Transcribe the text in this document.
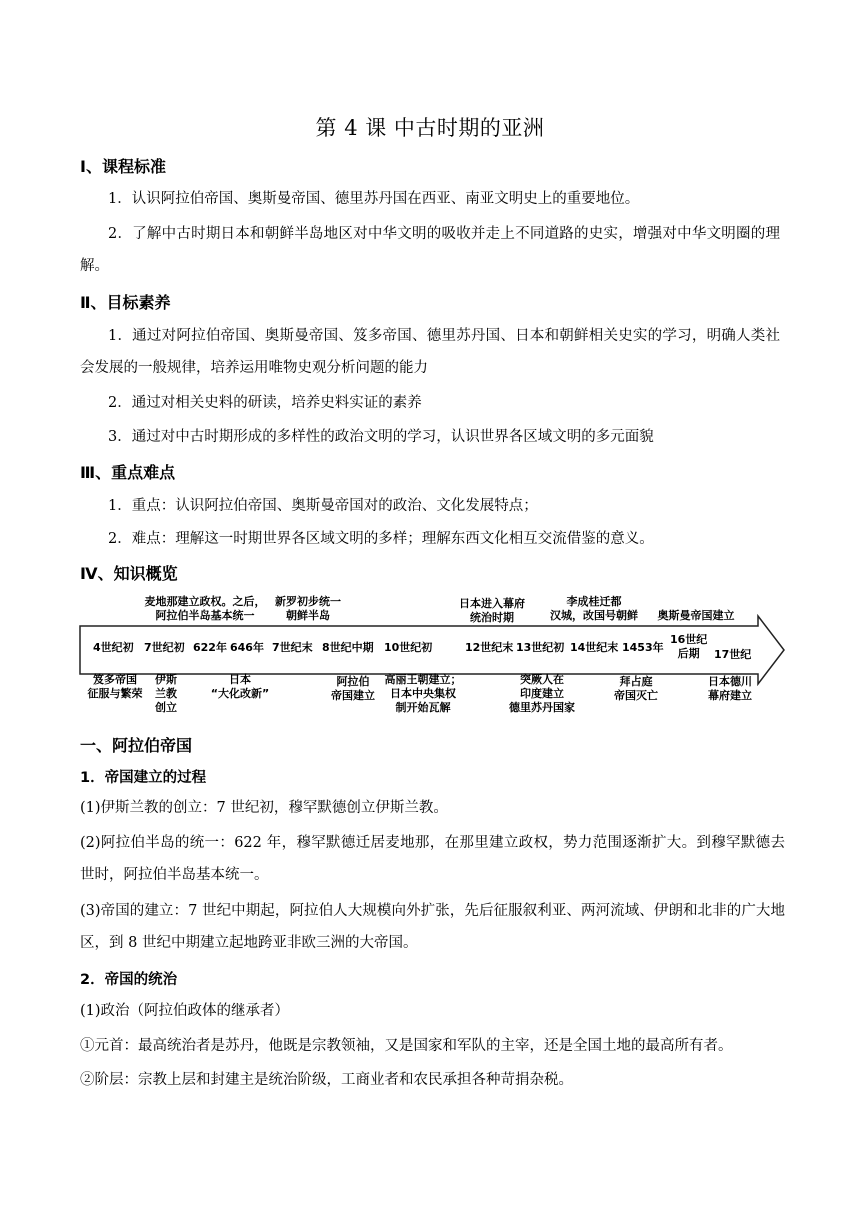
第 4 课 中古时期的亚洲
Ⅰ、课程标准
1．认识阿拉伯帝国、奥斯曼帝国、德里苏丹国在西亚、南亚文明史上的重要地位。
2．了解中古时期日本和朝鲜半岛地区对中华文明的吸收并走上不同道路的史实，增强对中华文明圈的理解。
Ⅱ、目标素养
1．通过对阿拉伯帝国、奥斯曼帝国、笈多帝国、德里苏丹国、日本和朝鲜相关史实的学习，明确人类社会发展的一般规律，培养运用唯物史观分析问题的能力
2．通过对相关史料的研读，培养史料实证的素养
3．通过对中古时期形成的多样性的政治文明的学习，认识世界各区域文明的多元面貌
Ⅲ、重点难点
1．重点：认识阿拉伯帝国、奥斯曼帝国对的政治、文化发展特点；
2．难点：理解这一时期世界各区域文明的多样；理解东西文化相互交流借鉴的意义。
Ⅳ、知识概览
麦地那建立政权。之后，
阿拉伯半岛基本统一
新罗初步统一
朝鲜半岛
日本进入幕府
统治时期
李成桂迁都
汉城，改国号朝鲜	奥斯曼帝国建立
4世纪初 7世纪初 622年 646年 7世纪末 8世纪中期 10世纪初	12世纪末 13世纪初 14世纪末 1453年
16世纪
后期	17世纪
笈多帝国
征服与繁荣
伊斯
兰教
创立
日本
“大化改新”
阿拉伯
帝国建立
高丽王朝建立；
日本中央集权
制开始瓦解
突厥人在
印度建立
德里苏丹国家
拜占庭
帝国灭亡
日本德川
幕府建立
一、阿拉伯帝国
1．帝国建立的过程
(1)伊斯兰教的创立：7 世纪初，穆罕默德创立伊斯兰教。
(2)阿拉伯半岛的统一：622 年，穆罕默德迁居麦地那，在那里建立政权，势力范围逐渐扩大。到穆罕默德去世时，阿拉伯半岛基本统一。
(3)帝国的建立：7 世纪中期起，阿拉伯人大规模向外扩张，先后征服叙利亚、两河流域、伊朗和北非的广大地区，到 8 世纪中期建立起地跨亚非欧三洲的大帝国。
2．帝国的统治
(1)政治（阿拉伯政体的继承者）
①元首：最高统治者是苏丹，他既是宗教领袖，又是国家和军队的主宰，还是全国土地的最高所有者。
②阶层：宗教上层和封建主是统治阶级，工商业者和农民承担各种苛捐杂税。
